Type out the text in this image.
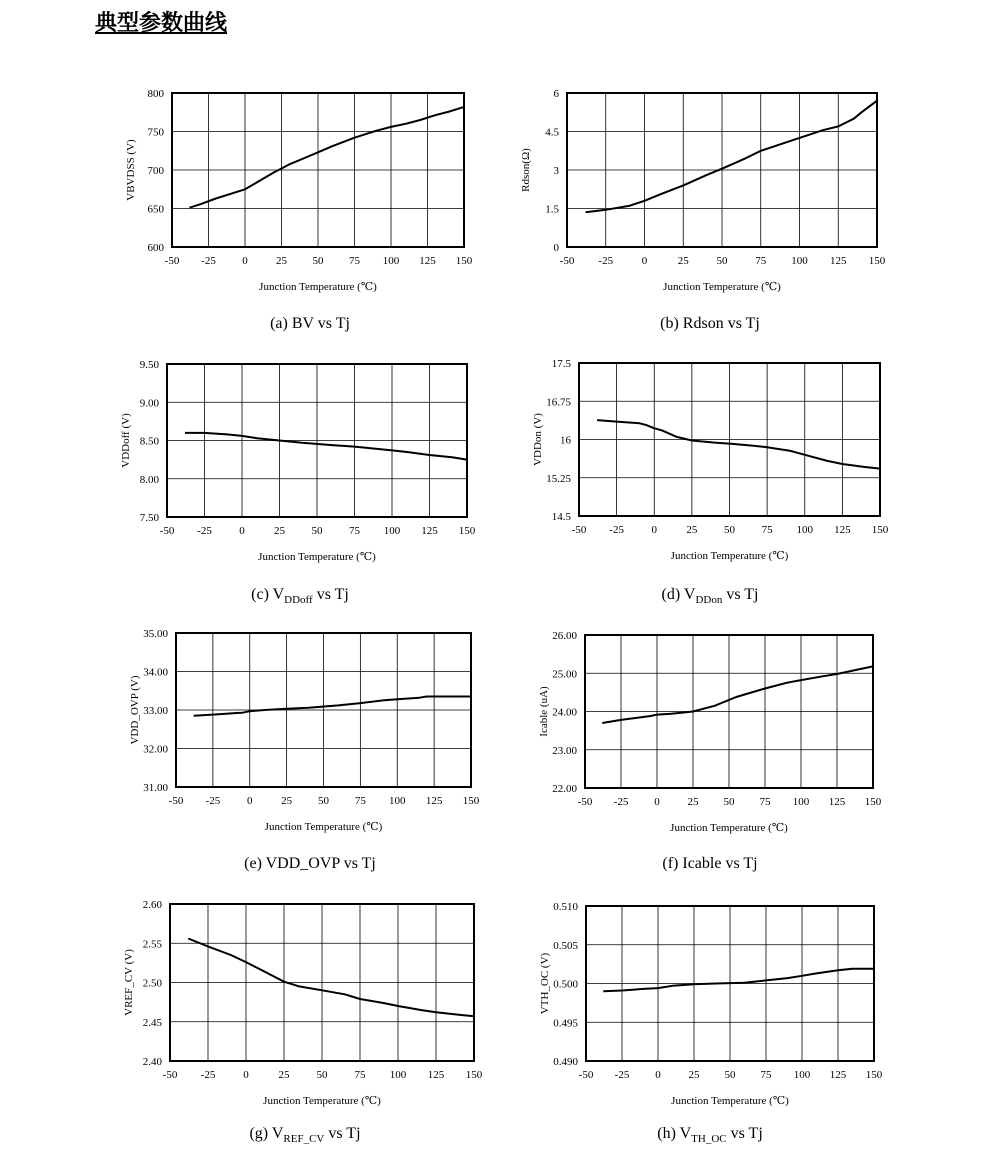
典型参数曲线
-50 -25 0	25 50 75 100 125 150
600
650
700
750
800
Junction Temperature (℃)
VBVDSS (V)
(a) BV vs Tj
-50 -25	0	25	50	75 100 125 150
0
1.5
3
4.5
6
Junction Temperature (℃)
Rdson(Ω)
(b) Rdson vs Tj
-50 -25 0	25 50 75 100 125 150
7.50
8.00
8.50
9.00
9.50
Junction Temperature (℃)
VDDoff (V)
(c) $V_{DDoff}$ vs Tj
-50 -25	0	25 50 75 100 125 150
14.5
15.25
16
16.75
17.5
Junction Temperature (℃)
VDDon (V)
(d) $V_{DDon}$ vs Tj
-50 -25 0	25 50 75 100 125 150
31.00
32.00
33.00
34.00
35.00
Junction Temperature (℃)
VDD_OVP (V)
(e) VDD_OVP vs Tj
-50 -25 0	25 50 75 100 125 150
22.00
23.00
24.00
25.00
26.00
Junction Temperature (℃)
Icable (uA)
(f) Icable vs Tj
-50 -25	0	25 50 75 100 125 150
2.40
2.45
2.50
2.55
2.60
Junction Temperature (℃)
VREF_CV (V)
(g) $V_{REF\_CV}$ vs Tj
-50 -25 0	25 50 75 100 125 150
0.490
0.495
0.500
0.505
0.510
Junction Temperature (℃)
VTH_OC (V)
(h) $V_{TH\_OC}$ vs Tj
